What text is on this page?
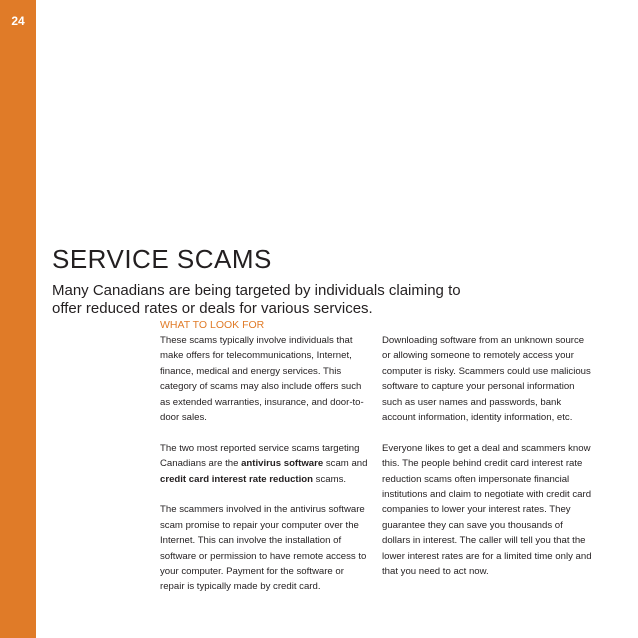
24
SERVICE SCAMS

Many Canadians are being targeted by individuals claiming to offer reduced rates or deals for various services.

WHAT TO LOOK FOR

These scams typically involve individuals that make offers for telecommunications, Internet, finance, medical and energy services. This category of scams may also include offers such as extended warranties, insurance, and door-to-door sales.

The two most reported service scams targeting Canadians are the antivirus software scam and credit card interest rate reduction scams.

The scammers involved in the antivirus software scam promise to repair your computer over the Internet. This can involve the installation of software or permission to have remote access to your computer. Payment for the software or repair is typically made by credit card.

Downloading software from an unknown source or allowing someone to remotely access your computer is risky. Scammers could use malicious software to capture your personal information such as user names and passwords, bank account information, identity information, etc.

Everyone likes to get a deal and scammers know this. The people behind credit card interest rate reduction scams often impersonate financial institutions and claim to negotiate with credit card companies to lower your interest rates. They guarantee they can save you thousands of dollars in interest. The caller will tell you that the lower interest rates are for a limited time only and that you need to act now.
